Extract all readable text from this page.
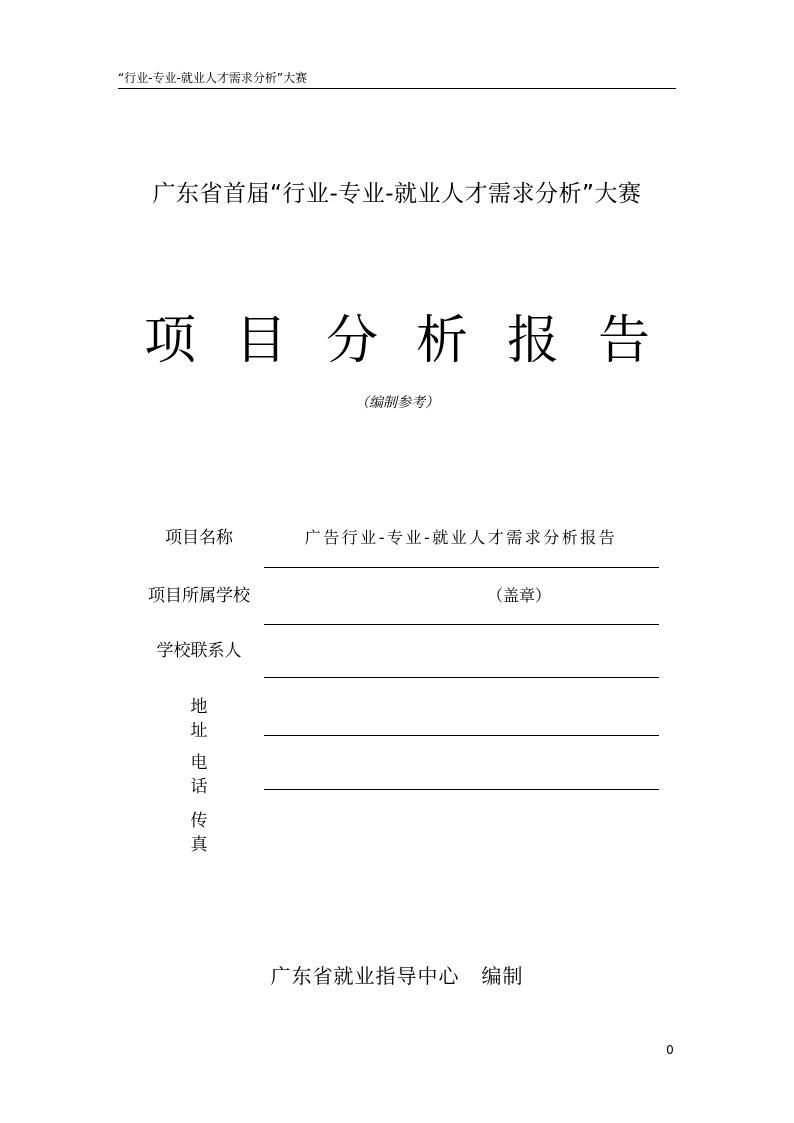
“行业-专业-就业人才需求分析”大赛
广东省首届“行业-专业-就业人才需求分析”大赛
项 目 分 析 报 告
（编制参考）
项目名称	广告行业-专业-就业人才需求分析报告
项目所属学校	（盖章）
学校联系人
地址
电话
传真
广东省就业指导中心 编制
0
